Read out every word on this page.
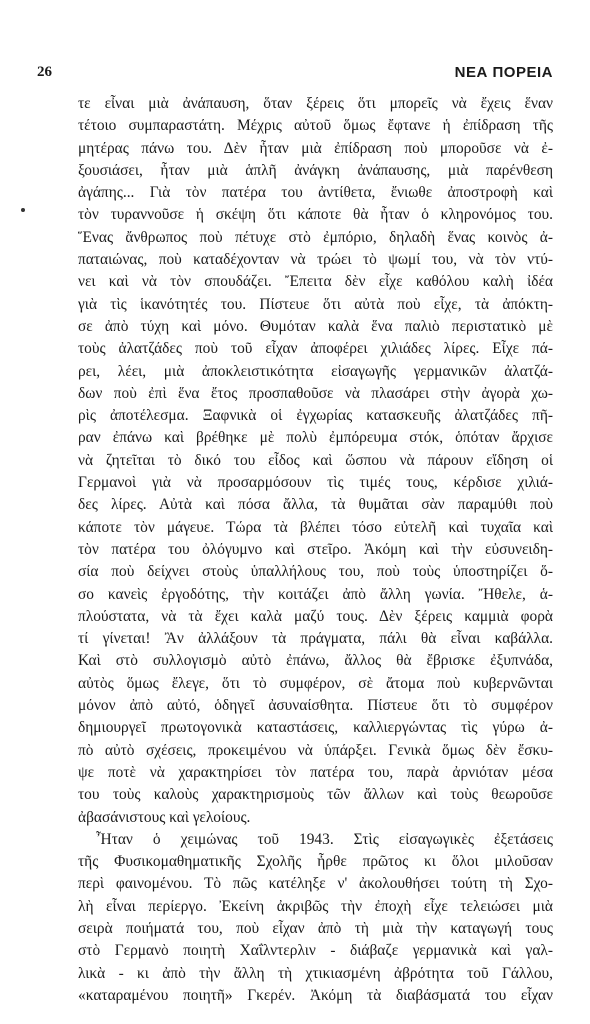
26	ΝΕΑ ΠΟΡΕΙΑ
τε εἶναι μιὰ ἀνάπαυση, ὅταν ξέρεις ὅτι μπορεῖς νὰ ἔχεις ἕναν
τέτοιο συμπαραστάτη. Μέχρις αὐτοῦ ὅμως ἔφτανε ἡ ἐπίδραση τῆς
μητέρας πάνω του. Δὲν ἦταν μιὰ ἐπίδραση ποὺ μποροῦσε νὰ ἐ-
ξουσιάσει, ἦταν μιὰ ἁπλῆ ἀνάγκη ἀνάπαυσης, μιὰ παρένθεση
ἀγάπης... Γιὰ τὸν πατέρα του ἀντίθετα, ἔνιωθε ἀποστροφὴ καὶ
τὸν τυραννοῦσε ἡ σκέψη ὅτι κάποτε θὰ ἦταν ὁ κληρονόμος του.
Ἕνας ἄνθρωπος ποὺ πέτυχε στὸ ἐμπόριο, δηλαδὴ ἕνας κοινὸς ἀ-
παταιώνας, ποὺ καταδέχονταν νὰ τρώει τὸ ψωμί του, νὰ τὸν ντύ-
νει καὶ νὰ τὸν σπουδάζει. Ἔπειτα δὲν εἶχε καθόλου καλὴ ἰδέα
γιὰ τὶς ἱκανότητές του. Πίστευε ὅτι αὐτὰ ποὺ εἶχε, τὰ ἀπόκτη-
σε ἀπὸ τύχη καὶ μόνο. Θυμόταν καλὰ ἕνα παλιὸ περιστατικὸ μὲ
τοὺς ἀλατζάδες ποὺ τοῦ εἶχαν ἀποφέρει χιλιάδες λίρες. Εἶχε πά-
ρει, λέει, μιὰ ἀποκλειστικότητα εἰσαγωγῆς γερμανικῶν ἀλατζά-
δων ποὺ ἐπὶ ἕνα ἔτος προσπαθοῦσε νὰ πλασάρει στὴν ἀγορὰ χω-
ρὶς ἀποτέλεσμα. Ξαφνικὰ οἱ ἐγχωρίας κατασκευῆς ἀλατζάδες πῆ-
ραν ἐπάνω καὶ βρέθηκε μὲ πολὺ ἐμπόρευμα στόκ, ὁπόταν ἄρχισε
νὰ ζητεῖται τὸ δικό του εἶδος καὶ ὥσπου νὰ πάρουν εἴδηση οἱ
Γερμανοὶ γιὰ νὰ προσαρμόσουν τὶς τιμές τους, κέρδισε χιλιά-
δες λίρες. Αὐτὰ καὶ πόσα ἄλλα, τὰ θυμᾶται σὰν παραμύθι ποὺ
κάποτε τὸν μάγευε. Τώρα τὰ βλέπει τόσο εὐτελῆ καὶ τυχαῖα καὶ
τὸν πατέρα του ὀλόγυμνο καὶ στεῖρο. Ἀκόμη καὶ τὴν εὐσυνειδη-
σία ποὺ δείχνει στοὺς ὑπαλλήλους του, ποὺ τοὺς ὑποστηρίζει ὅ-
σο κανεὶς ἐργοδότης, τὴν κοιτάζει ἀπὸ ἄλλη γωνία. Ἤθελε, ἁ-
πλούστατα, νὰ τὰ ἔχει καλὰ μαζύ τους. Δὲν ξέρεις καμμιὰ φορὰ
τί γίνεται! Ἂν ἀλλάξουν τὰ πράγματα, πάλι θὰ εἶναι καβάλλα.
Καὶ στὸ συλλογισμὸ αὐτὸ ἐπάνω, ἄλλος θὰ ἔβρισκε ἐξυπνάδα,
αὐτὸς ὅμως ἔλεγε, ὅτι τὸ συμφέρον, σὲ ἄτομα ποὺ κυβερνῶνται
μόνον ἀπὸ αὐτό, ὁδηγεῖ ἀσυναίσθητα. Πίστευε ὅτι τὸ συμφέρον
δημιουργεῖ πρωτογονικὰ καταστάσεις, καλλιεργώντας τὶς γύρω ἀ-
πὸ αὐτὸ σχέσεις, προκειμένου νὰ ὑπάρξει. Γενικὰ ὅμως δὲν ἔσκυ-
ψε ποτὲ νὰ χαρακτηρίσει τὸν πατέρα του, παρὰ ἀρνιόταν μέσα
του τοὺς καλοὺς χαρακτηρισμοὺς τῶν ἄλλων καὶ τοὺς θεωροῦσε
ἀβασάνιστους καὶ γελοίους.
Ἦταν ὁ χειμώνας τοῦ 1943. Στὶς εἰσαγωγικὲς ἐξετάσεις
τῆς Φυσικομαθηματικῆς Σχολῆς ἦρθε πρῶτος κι ὅλοι μιλοῦσαν
περὶ φαινομένου. Τὸ πῶς κατέληξε ν' ἀκολουθήσει τούτη τὴ Σχο-
λὴ εἶναι περίεργο. Ἐκείνη ἀκριβῶς τὴν ἐποχὴ εἶχε τελειώσει μιὰ
σειρὰ ποιήματά του, ποὺ εἶχαν ἀπὸ τὴ μιὰ τὴν καταγωγή τους
στὸ Γερμανὸ ποιητὴ Χαΐλντερλιν - διάβαζε γερμανικὰ καὶ γαλ-
λικὰ - κι ἀπὸ τὴν ἄλλη τὴ χτικιασμένη ἀβρότητα τοῦ Γάλλου,
«καταραμένου ποιητῆ» Γκερέν. Ἀκόμη τὰ διαβάσματά του εἶχαν
